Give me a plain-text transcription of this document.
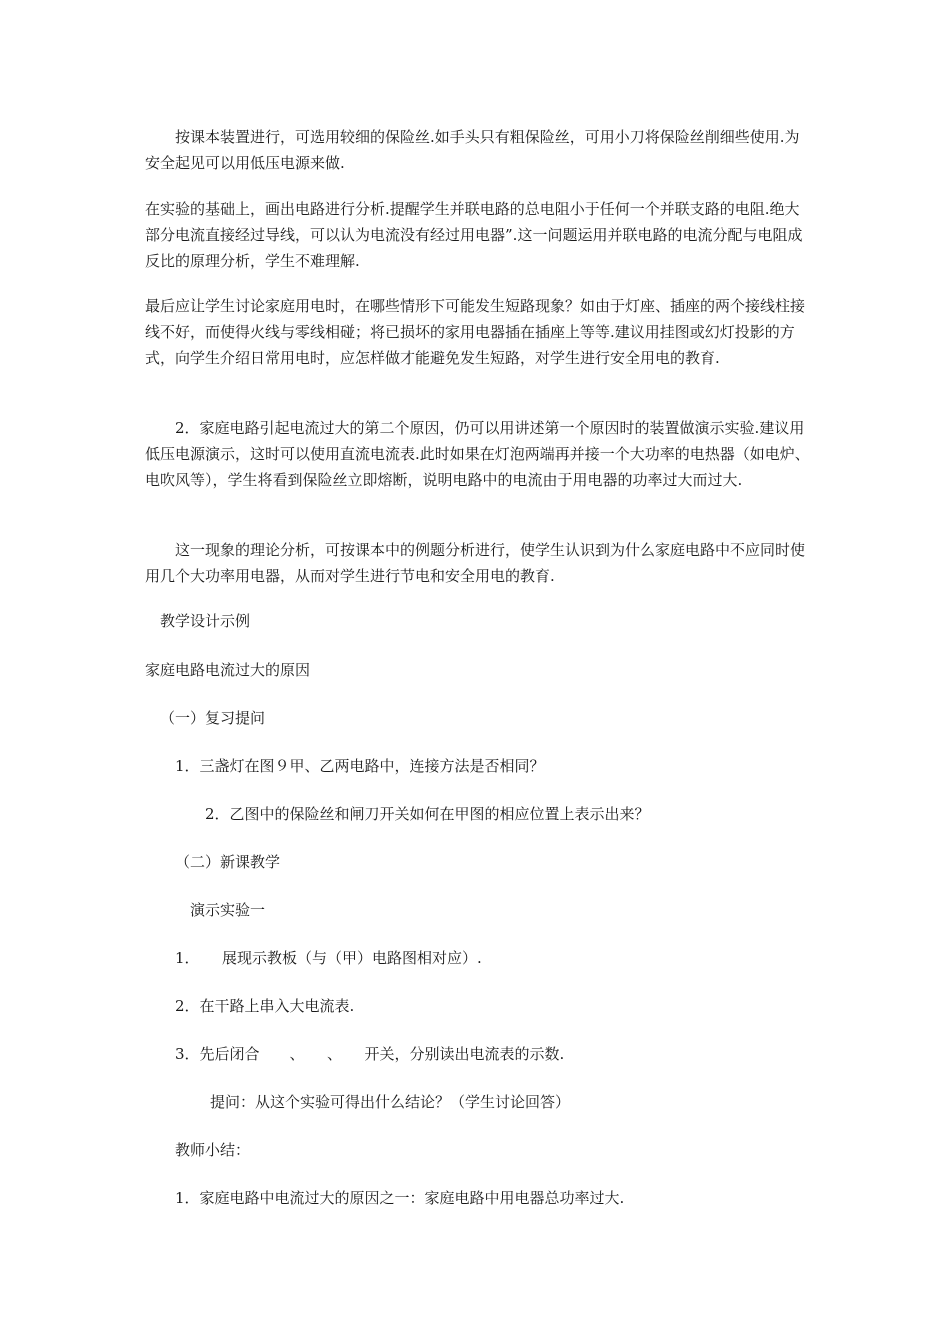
　　按课本装置进行，可选用较细的保险丝.如手头只有粗保险丝，可用小刀将保险丝削细些使用.为安全起见可以用低压电源来做.

在实验的基础上，画出电路进行分析.提醒学生并联电路的总电阻小于任何一个并联支路的电阻.绝大部分电流直接经过导线，可以认为电流没有经过用电器”.这一问题运用并联电路的电流分配与电阻成反比的原理分析，学生不难理解.

最后应让学生讨论家庭用电时，在哪些情形下可能发生短路现象？如由于灯座、插座的两个接线柱接线不好，而使得火线与零线相碰；将已损坏的家用电器插在插座上等等.建议用挂图或幻灯投影的方式，向学生介绍日常用电时，应怎样做才能避免发生短路，对学生进行安全用电的教育.

　　2．家庭电路引起电流过大的第二个原因，仍可以用讲述第一个原因时的装置做演示实验.建议用低压电源演示，这时可以使用直流电流表.此时如果在灯泡两端再并接一个大功率的电热器（如电炉、电吹风等），学生将看到保险丝立即熔断，说明电路中的电流由于用电器的功率过大而过大.

　　这一现象的理论分析，可按课本中的例题分析进行，使学生认识到为什么家庭电路中不应同时使用几个大功率用电器，从而对学生进行节电和安全用电的教育.

教学设计示例

家庭电路电流过大的原因

（一）复习提问

1．三盏灯在图９甲、乙两电路中，连接方法是否相同？

2．乙图中的保险丝和闸刀开关如何在甲图的相应位置上表示出来？

（二）新课教学

演示实验一

1．　　展现示教板（与（甲）电路图相对应）.

2．在干路上串入大电流表.

3．先后闭合　　、　　、　　开关，分别读出电流表的示数.

提问：从这个实验可得出什么结论？（学生讨论回答）

教师小结：

1．家庭电路中电流过大的原因之一：家庭电路中用电器总功率过大.
